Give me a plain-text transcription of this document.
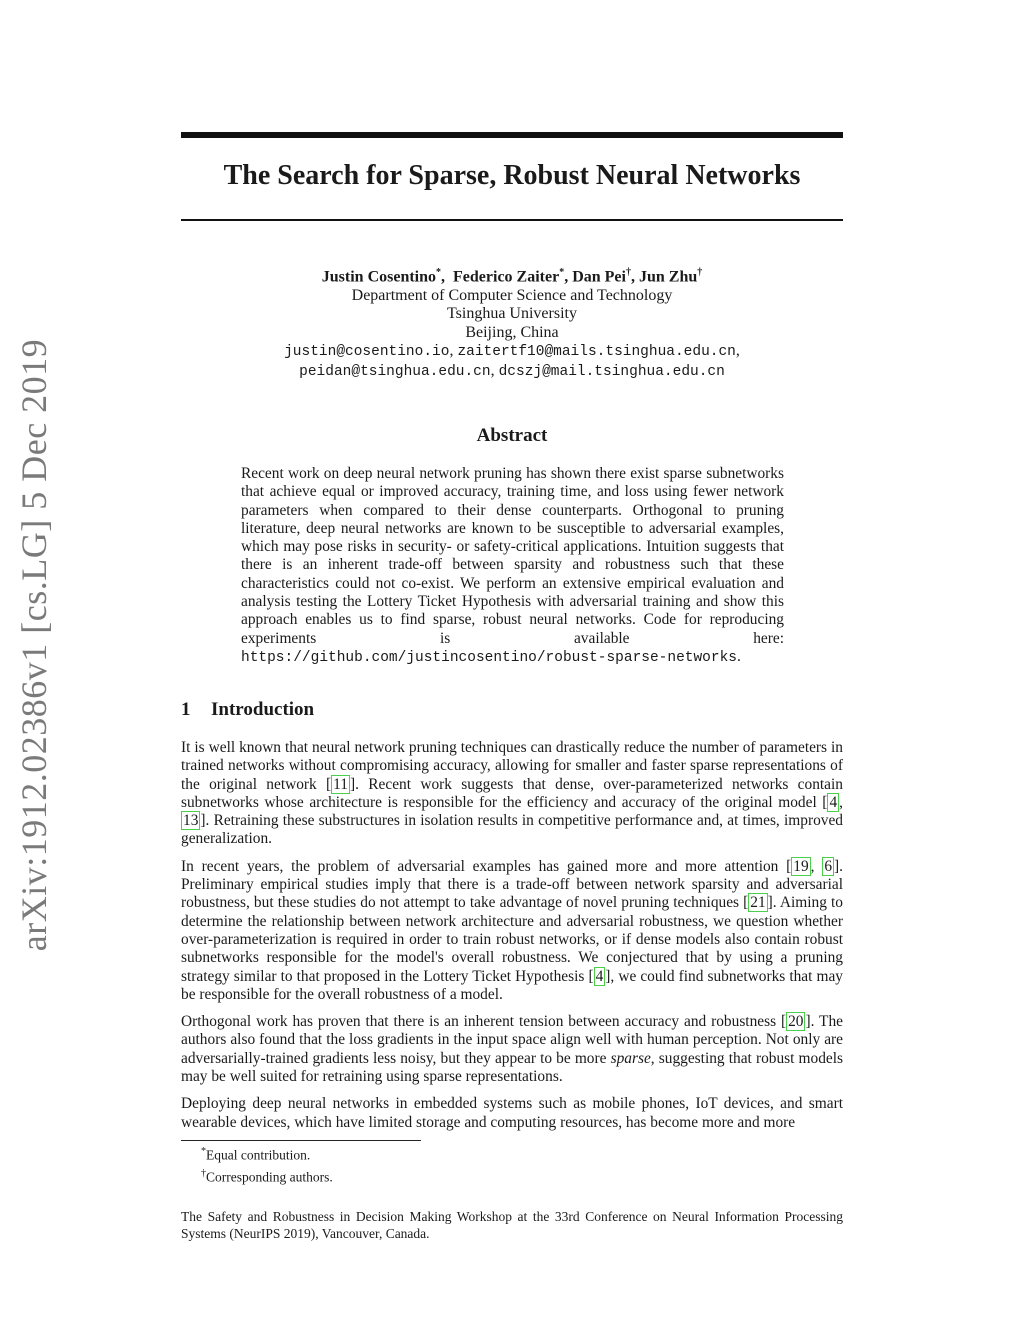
arXiv:1912.02386v1 [cs.LG] 5 Dec 2019
The Search for Sparse, Robust Neural Networks
Justin Cosentino*,  Federico Zaiter*, Dan Pei†, Jun Zhu†
Department of Computer Science and Technology
Tsinghua University
Beijing, China
justin@cosentino.io, zaitertf10@mails.tsinghua.edu.cn,
peidan@tsinghua.edu.cn, dcszj@mail.tsinghua.edu.cn
Abstract
Recent work on deep neural network pruning has shown there exist sparse subnetworks that achieve equal or improved accuracy, training time, and loss using fewer network parameters when compared to their dense counterparts. Orthogonal to pruning literature, deep neural networks are known to be susceptible to adversarial examples, which may pose risks in security- or safety-critical applications. Intuition suggests that there is an inherent trade-off between sparsity and robustness such that these characteristics could not co-exist. We perform an extensive empirical evaluation and analysis testing the Lottery Ticket Hypothesis with adversarial training and show this approach enables us to find sparse, robust neural networks. Code for reproducing experiments is available here: https://github.com/justincosentino/robust-sparse-networks.
1 Introduction

It is well known that neural network pruning techniques can drastically reduce the number of parameters in trained networks without compromising accuracy, allowing for smaller and faster sparse representations of the original network [ 11 ]. Recent work suggests that dense, over-parameterized networks contain subnetworks whose architecture is responsible for the efficiency and accuracy of the original model [ 4 , 13 ]. Retraining these substructures in isolation results in competitive performance and, at times, improved generalization.

In recent years, the problem of adversarial examples has gained more and more attention [ 19 , 6 ]. Preliminary empirical studies imply that there is a trade-off between network sparsity and adversarial robustness, but these studies do not attempt to take advantage of novel pruning techniques [ 21 ]. Aiming to determine the relationship between network architecture and adversarial robustness, we question whether over-parameterization is required in order to train robust networks, or if dense models also contain robust subnetworks responsible for the model's overall robustness. We conjectured that by using a pruning strategy similar to that proposed in the Lottery Ticket Hypothesis [ 4 ], we could find subnetworks that may be responsible for the overall robustness of a model.

Orthogonal work has proven that there is an inherent tension between accuracy and robustness [ 20 ]. The authors also found that the loss gradients in the input space align well with human perception. Not only are adversarially-trained gradients less noisy, but they appear to be more sparse, suggesting that robust models may be well suited for retraining using sparse representations.

Deploying deep neural networks in embedded systems such as mobile phones, IoT devices, and smart wearable devices, which have limited storage and computing resources, has become more and more

*Equal contribution.
†Corresponding authors.
The Safety and Robustness in Decision Making Workshop at the 33rd Conference on Neural Information Processing Systems (NeurIPS 2019), Vancouver, Canada.
